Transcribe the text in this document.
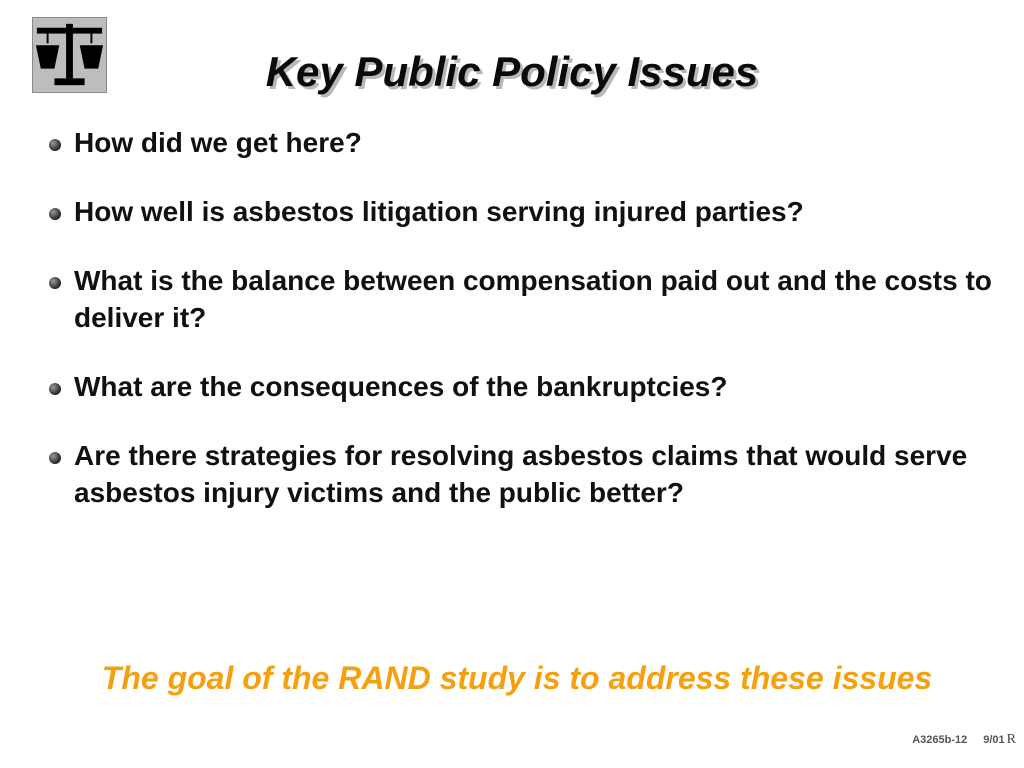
Key Public Policy Issues
How did we get here?
How well is asbestos litigation serving injured parties?
What is the balance between compensation paid out and the costs to deliver it?
What are the consequences of the bankruptcies?
Are there strategies for resolving asbestos claims that would serve asbestos injury victims and the public better?

The goal of the RAND study is to address these issues

A3265b-12 9/01 R
